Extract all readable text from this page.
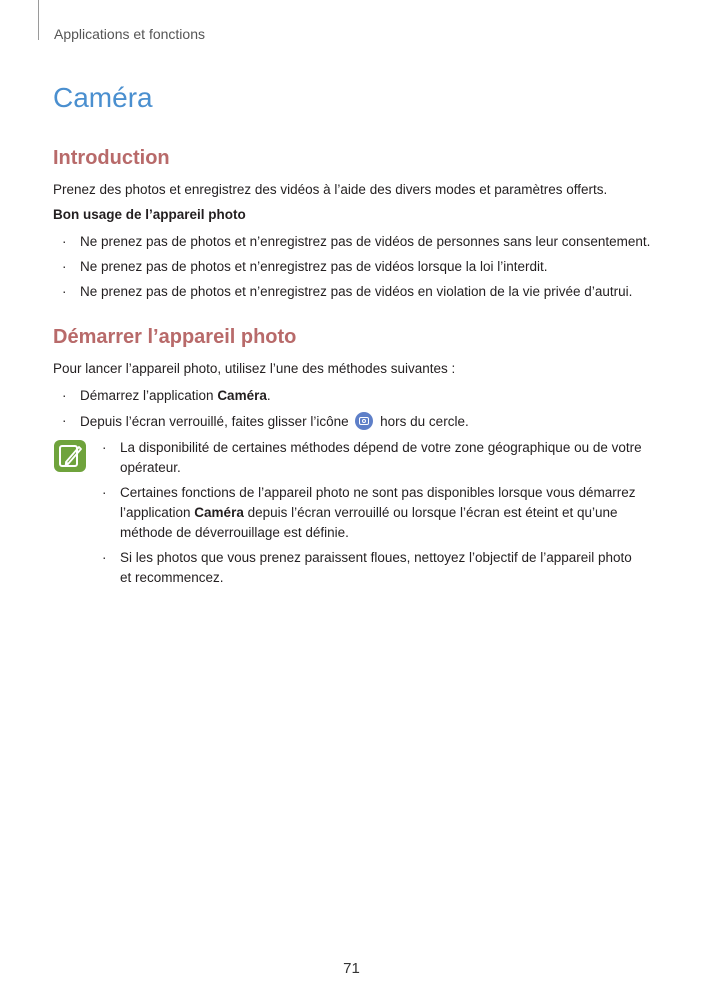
Applications et fonctions
Caméra
Introduction

Prenez des photos et enregistrez des vidéos à l’aide des divers modes et paramètres offerts.

Bon usage de l’appareil photo

· Ne prenez pas de photos et n’enregistrez pas de vidéos de personnes sans leur consentement.
· Ne prenez pas de photos et n’enregistrez pas de vidéos lorsque la loi l’interdit.
· Ne prenez pas de photos et n’enregistrez pas de vidéos en violation de la vie privée d’autrui.
Démarrer l’appareil photo

Pour lancer l’appareil photo, utilisez l’une des méthodes suivantes :

· Démarrez l’application Caméra.
· Depuis l’écran verrouillé, faites glisser l’icône hors du cercle.
· La disponibilité de certaines méthodes dépend de votre zone géographique ou de votre opérateur.
· Certaines fonctions de l’appareil photo ne sont pas disponibles lorsque vous démarrez l’application Caméra depuis l’écran verrouillé ou lorsque l’écran est éteint et qu’une méthode de déverrouillage est définie.
· Si les photos que vous prenez paraissent floues, nettoyez l’objectif de l’appareil photo et recommencez.
71
